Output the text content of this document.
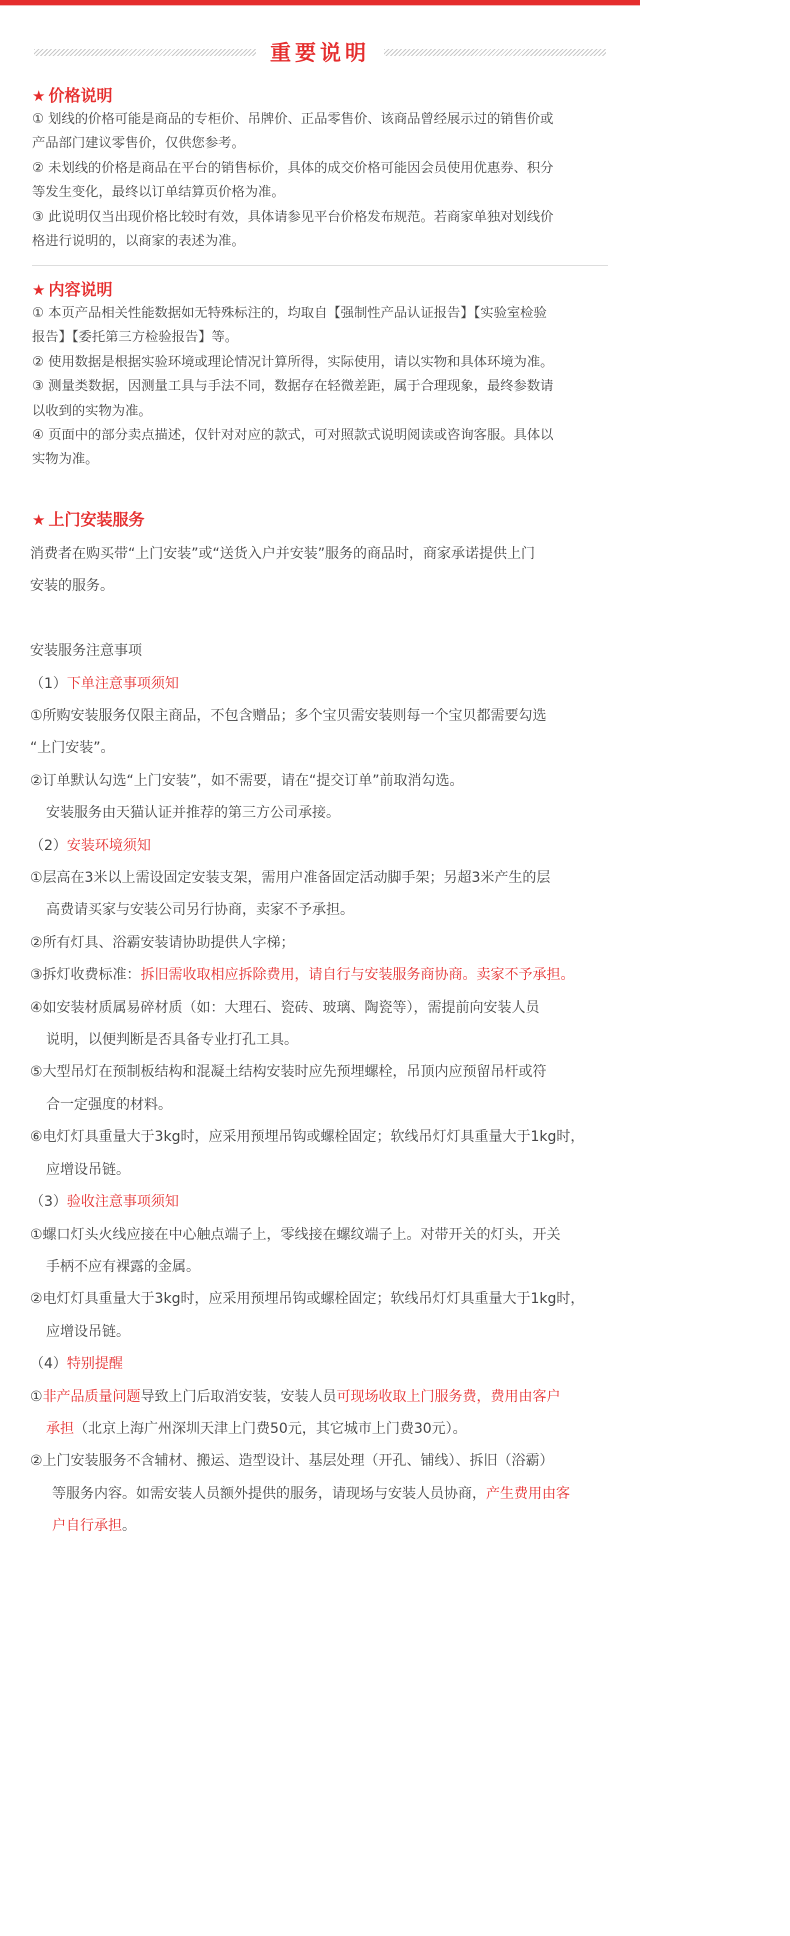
重要说明
★ 价格说明
① 划线的价格可能是商品的专柜价、吊牌价、正品零售价、该商品曾经展示过的销售价或
产品部门建议零售价，仅供您参考。
② 未划线的价格是商品在平台的销售标价，具体的成交价格可能因会员使用优惠券、积分
等发生变化，最终以订单结算页价格为准。
③ 此说明仅当出现价格比较时有效，具体请参见平台价格发布规范。若商家单独对划线价
格进行说明的，以商家的表述为准。
★ 内容说明
① 本页产品相关性能数据如无特殊标注的，均取自【强制性产品认证报告】【实验室检验
报告】【委托第三方检验报告】等。
② 使用数据是根据实验环境或理论情况计算所得，实际使用，请以实物和具体环境为准。
③ 测量类数据，因测量工具与手法不同，数据存在轻微差距，属于合理现象，最终参数请
以收到的实物为准。
④ 页面中的部分卖点描述，仅针对对应的款式，可对照款式说明阅读或咨询客服。具体以
实物为准。
★ 上门安装服务
消费者在购买带“上门安装”或“送货入户并安装”服务的商品时，商家承诺提供上门
安装的服务。
安装服务注意事项
（1）下单注意事项须知
①所购安装服务仅限主商品，不包含赠品；多个宝贝需安装则每一个宝贝都需要勾选
“上门安装”。
②订单默认勾选“上门安装”，如不需要，请在“提交订单”前取消勾选。
安装服务由天猫认证并推荐的第三方公司承接。
（2）安装环境须知
①层高在3米以上需设固定安装支架，需用户准备固定活动脚手架；另超3米产生的层
高费请买家与安装公司另行协商，卖家不予承担。
②所有灯具、浴霸安装请协助提供人字梯；
③拆灯收费标准：拆旧需收取相应拆除费用，请自行与安装服务商协商。卖家不予承担。
④如安装材质属易碎材质（如：大理石、瓷砖、玻璃、陶瓷等），需提前向安装人员
说明，以便判断是否具备专业打孔工具。
⑤大型吊灯在预制板结构和混凝土结构安装时应先预埋螺栓，吊顶内应预留吊杆或符
合一定强度的材料。
⑥电灯灯具重量大于3kg时，应采用预埋吊钩或螺栓固定；软线吊灯灯具重量大于1kg时，
应增设吊链。
（3）验收注意事项须知
①螺口灯头火线应接在中心触点端子上，零线接在螺纹端子上。对带开关的灯头，开关
手柄不应有裸露的金属。
②电灯灯具重量大于3kg时，应采用预埋吊钩或螺栓固定；软线吊灯灯具重量大于1kg时，
应增设吊链。
（4）特别提醒
①非产品质量问题导致上门后取消安装，安装人员可现场收取上门服务费，费用由客户
承担（北京上海广州深圳天津上门费50元，其它城市上门费30元）。
②上门安装服务不含辅材、搬运、造型设计、基层处理（开孔、铺线）、拆旧（浴霸）
等服务内容。如需安装人员额外提供的服务，请现场与安装人员协商，产生费用由客
户自行承担。
